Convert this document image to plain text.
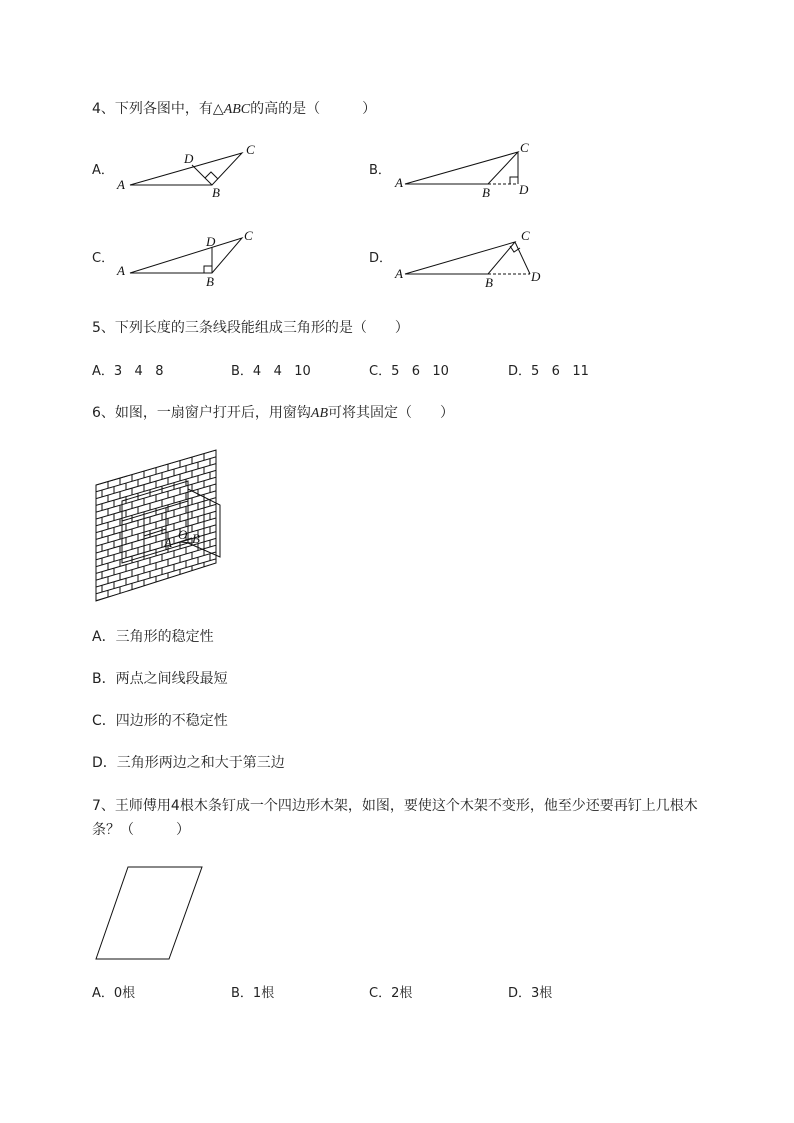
4、下列各图中，有△ABC的高的是（　　　）
A．	B．
C．	D．
A
B
C
D
A
B
C
D
A
B
C
D
A
B
C
D
5、下列长度的三条线段能组成三角形的是（　　）
A．3   4   8	B．4   4   10	C．5   6   10	D．5   6   11
6、如图，一扇窗户打开后，用窗钩AB可将其固定（　　）
A
O B
A．三角形的稳定性
B．两点之间线段最短
C．四边形的不稳定性
D．三角形两边之和大于第三边
7、王师傅用4根木条钉成一个四边形木架，如图，要使这个木架不变形，他至少还要再钉上几根木
条？（　　　）
A．0根	B．1根	C．2根	D．3根
